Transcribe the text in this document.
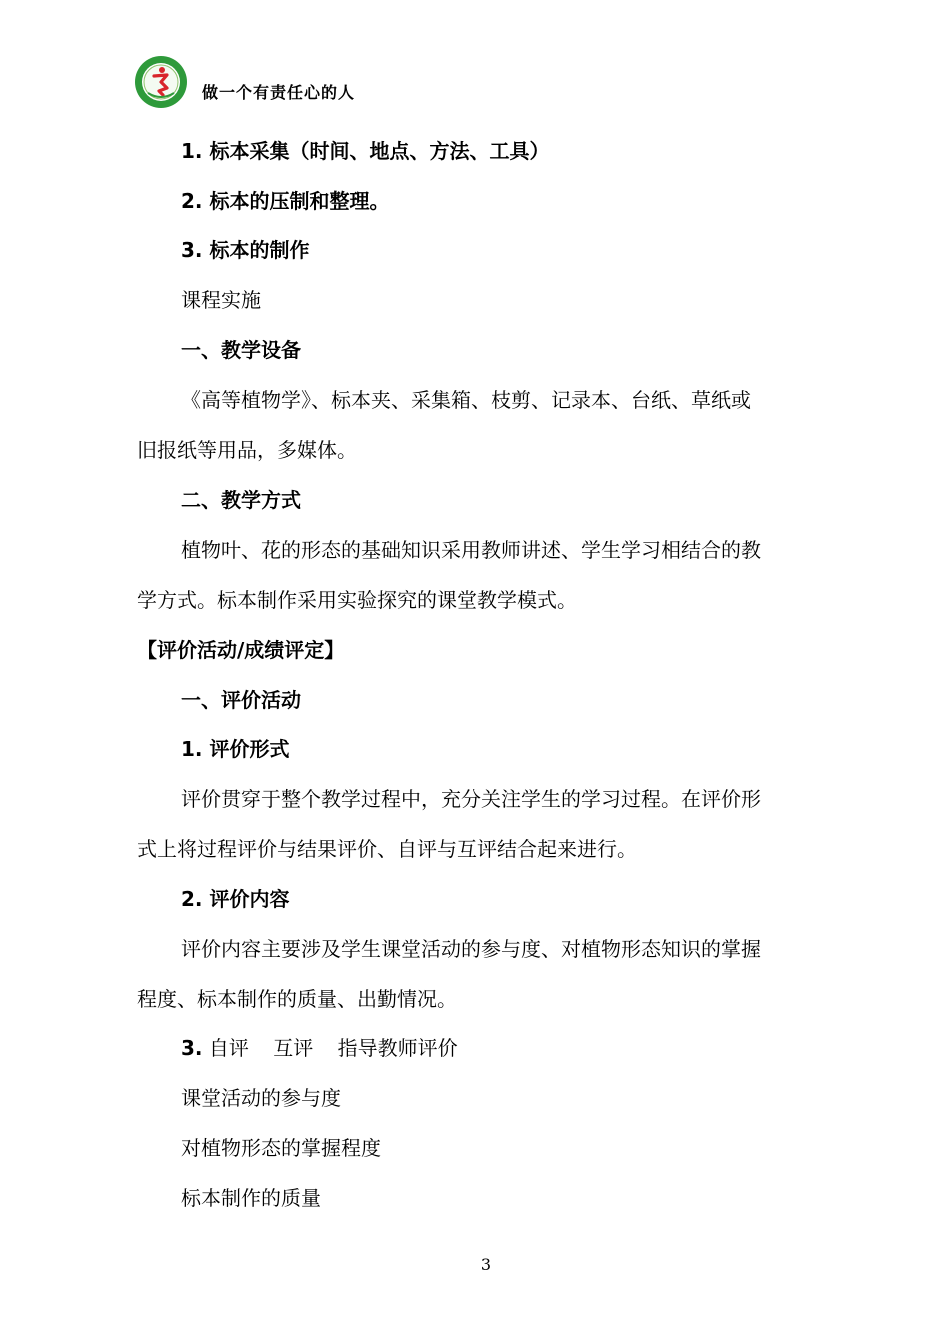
做一个有责任心的人
1. 标本采集（时间、地点、方法、工具）
2. 标本的压制和整理。
3. 标本的制作
课程实施
一、教学设备
《高等植物学》、标本夹、采集箱、枝剪、记录本、台纸、草纸或
旧报纸等用品，多媒体。
二、教学方式
植物叶、花的形态的基础知识采用教师讲述、学生学习相结合的教
学方式。标本制作采用实验探究的课堂教学模式。
【评价活动/成绩评定】
一、评价活动
1. 评价形式
评价贯穿于整个教学过程中，充分关注学生的学习过程。在评价形
式上将过程评价与结果评价、自评与互评结合起来进行。
2. 评价内容
评价内容主要涉及学生课堂活动的参与度、对植物形态知识的掌握
程度、标本制作的质量、出勤情况。
3. 自评 互评 指导教师评价
课堂活动的参与度
对植物形态的掌握程度
标本制作的质量
3
